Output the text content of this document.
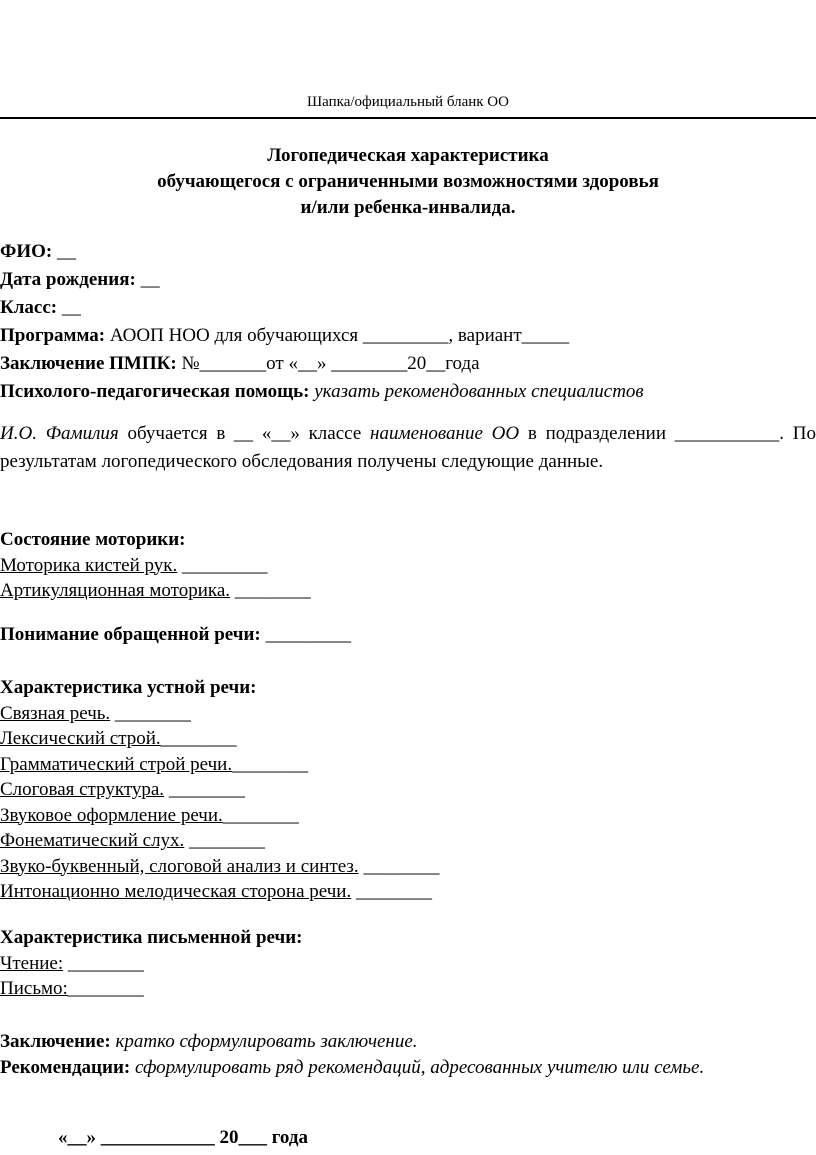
Шапка/официальный бланк ОО
Логопедическая характеристика
обучающегося с ограниченными возможностями здоровья
и/или ребенка-инвалида.
ФИО: __
Дата рождения: __
Класс: __
Программа: АООП НОО для обучающихся _________, вариант_____
Заключение ПМПК: №_______от «__» ________20__года
Психолого-педагогическая помощь: указать рекомендованных специалистов
И.О. Фамилия обучается в __ «__» классе наименование ОО в подразделении ___________. По результатам логопедического обследования получены следующие данные.
Состояние моторики:
Моторика кистей рук. _________
Артикуляционная моторика. ________
Понимание обращенной речи: _________
Характеристика устной речи:
Связная речь. ________
Лексический строй.________
Грамматический строй речи.________
Слоговая структура. ________
Звуковое оформление речи.________
Фонематический слух. ________
Звуко-буквенный, слоговой анализ и синтез. ________
Интонационно мелодическая сторона речи. ________
Характеристика письменной речи:
Чтение: ________
Письмо:________
Заключение: кратко сформулировать заключение.
Рекомендации: сформулировать ряд рекомендаций, адресованных учителю или семье.
«__» ____________ 20___ года
